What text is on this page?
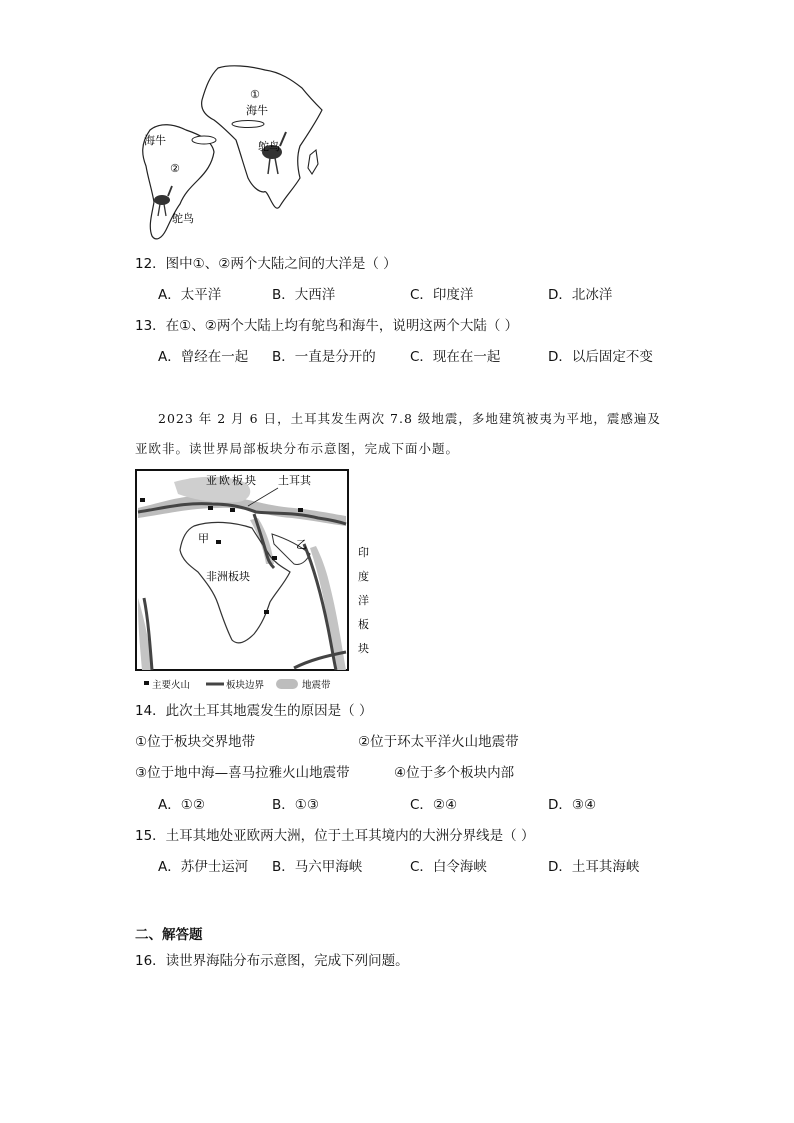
①
海牛
鸵鸟
海牛
②
鸵鸟
12．图中①、②两个大陆之间的大洋是（ ）
A．太平洋	B．大西洋	C．印度洋	D．北冰洋
13．在①、②两个大陆上均有鸵鸟和海牛，说明这两个大陆（ ）
A．曾经在一起 B．一直是分开的	C．现在在一起	D．以后固定不变
2023 年 2 月 6 日，土耳其发生两次 7.8 级地震，多地建筑被夷为平地，震感遍及
亚欧非。读世界局部板块分布示意图，完成下面小题。
亚欧板块 土耳其
甲	乙
非洲板块
印
度
洋
板
块
主要火山	板块边界	地震带
14．此次土耳其地震发生的原因是（ ）
①位于板块交界地带	②位于环太平洋火山地震带
③位于地中海—喜马拉雅火山地震带	④位于多个板块内部
A．①②	B．①③	C．②④	D．③④
15．土耳其地处亚欧两大洲，位于土耳其境内的大洲分界线是（ ）
A．苏伊士运河 B．马六甲海峡	C．白令海峡	D．土耳其海峡
二、解答题
16．读世界海陆分布示意图，完成下列问题。
